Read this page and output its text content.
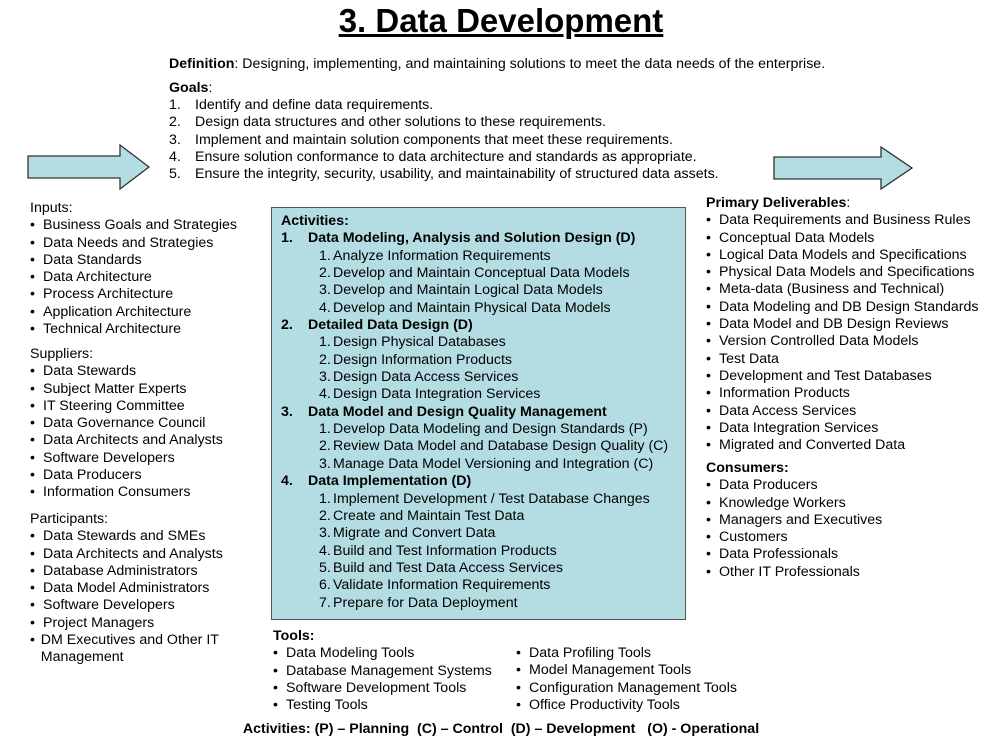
3. Data Development
Definition: Designing, implementing, and maintaining solutions to meet the data needs of the enterprise.
Goals:
1. Identify and define data requirements.
2. Design data structures and other solutions to these requirements.
3. Implement and maintain solution components that meet these requirements.
4. Ensure solution conformance to data architecture and standards as appropriate.
5. Ensure the integrity, security, usability, and maintainability of structured data assets.
Inputs:
• Business Goals and Strategies
• Data Needs and Strategies
• Data Standards
• Data Architecture
• Process Architecture
• Application Architecture
• Technical Architecture
Suppliers:
• Data Stewards
• Subject Matter Experts
• IT Steering Committee
• Data Governance Council
• Data Architects and Analysts
• Software Developers
• Data Producers
• Information Consumers
Participants:
• Data Stewards and SMEs
• Data Architects and Analysts
• Database Administrators
• Data Model Administrators
• Software Developers
• Project Managers
• DM Executives and Other IT Management
Activities:
1.	Data Modeling, Analysis and Solution Design (D)
1. Analyze Information Requirements
2. Develop and Maintain Conceptual Data Models
3. Develop and Maintain Logical Data Models
4. Develop and Maintain Physical Data Models
2.	Detailed Data Design (D)
1. Design Physical Databases
2. Design Information Products
3. Design Data Access Services
4. Design Data Integration Services
3.	Data Model and Design Quality Management
1. Develop Data Modeling and Design Standards (P)
2. Review Data Model and Database Design Quality (C)
3. Manage Data Model Versioning and Integration (C)
4.	Data Implementation (D)
1. Implement Development / Test Database Changes
2. Create and Maintain Test Data
3. Migrate and Convert Data
4. Build and Test Information Products
5. Build and Test Data Access Services
6. Validate Information Requirements
7. Prepare for Data Deployment
Primary Deliverables:
• Data Requirements and Business Rules
• Conceptual Data Models
• Logical Data Models and Specifications
• Physical Data Models and Specifications
• Meta-data (Business and Technical)
• Data Modeling and DB Design Standards
• Data Model and DB Design Reviews
• Version Controlled Data Models
• Test Data
• Development and Test Databases
• Information Products
• Data Access Services
• Data Integration Services
• Migrated and Converted Data
Consumers:
• Data Producers
• Knowledge Workers
• Managers and Executives
• Customers
• Data Professionals
• Other IT Professionals
Tools:
• Data Modeling Tools
• Database Management Systems
• Software Development Tools
• Testing Tools
• Data Profiling Tools
• Model Management Tools
• Configuration Management Tools
• Office Productivity Tools
Activities: (P) – Planning  (C) – Control  (D) – Development   (O) - Operational
